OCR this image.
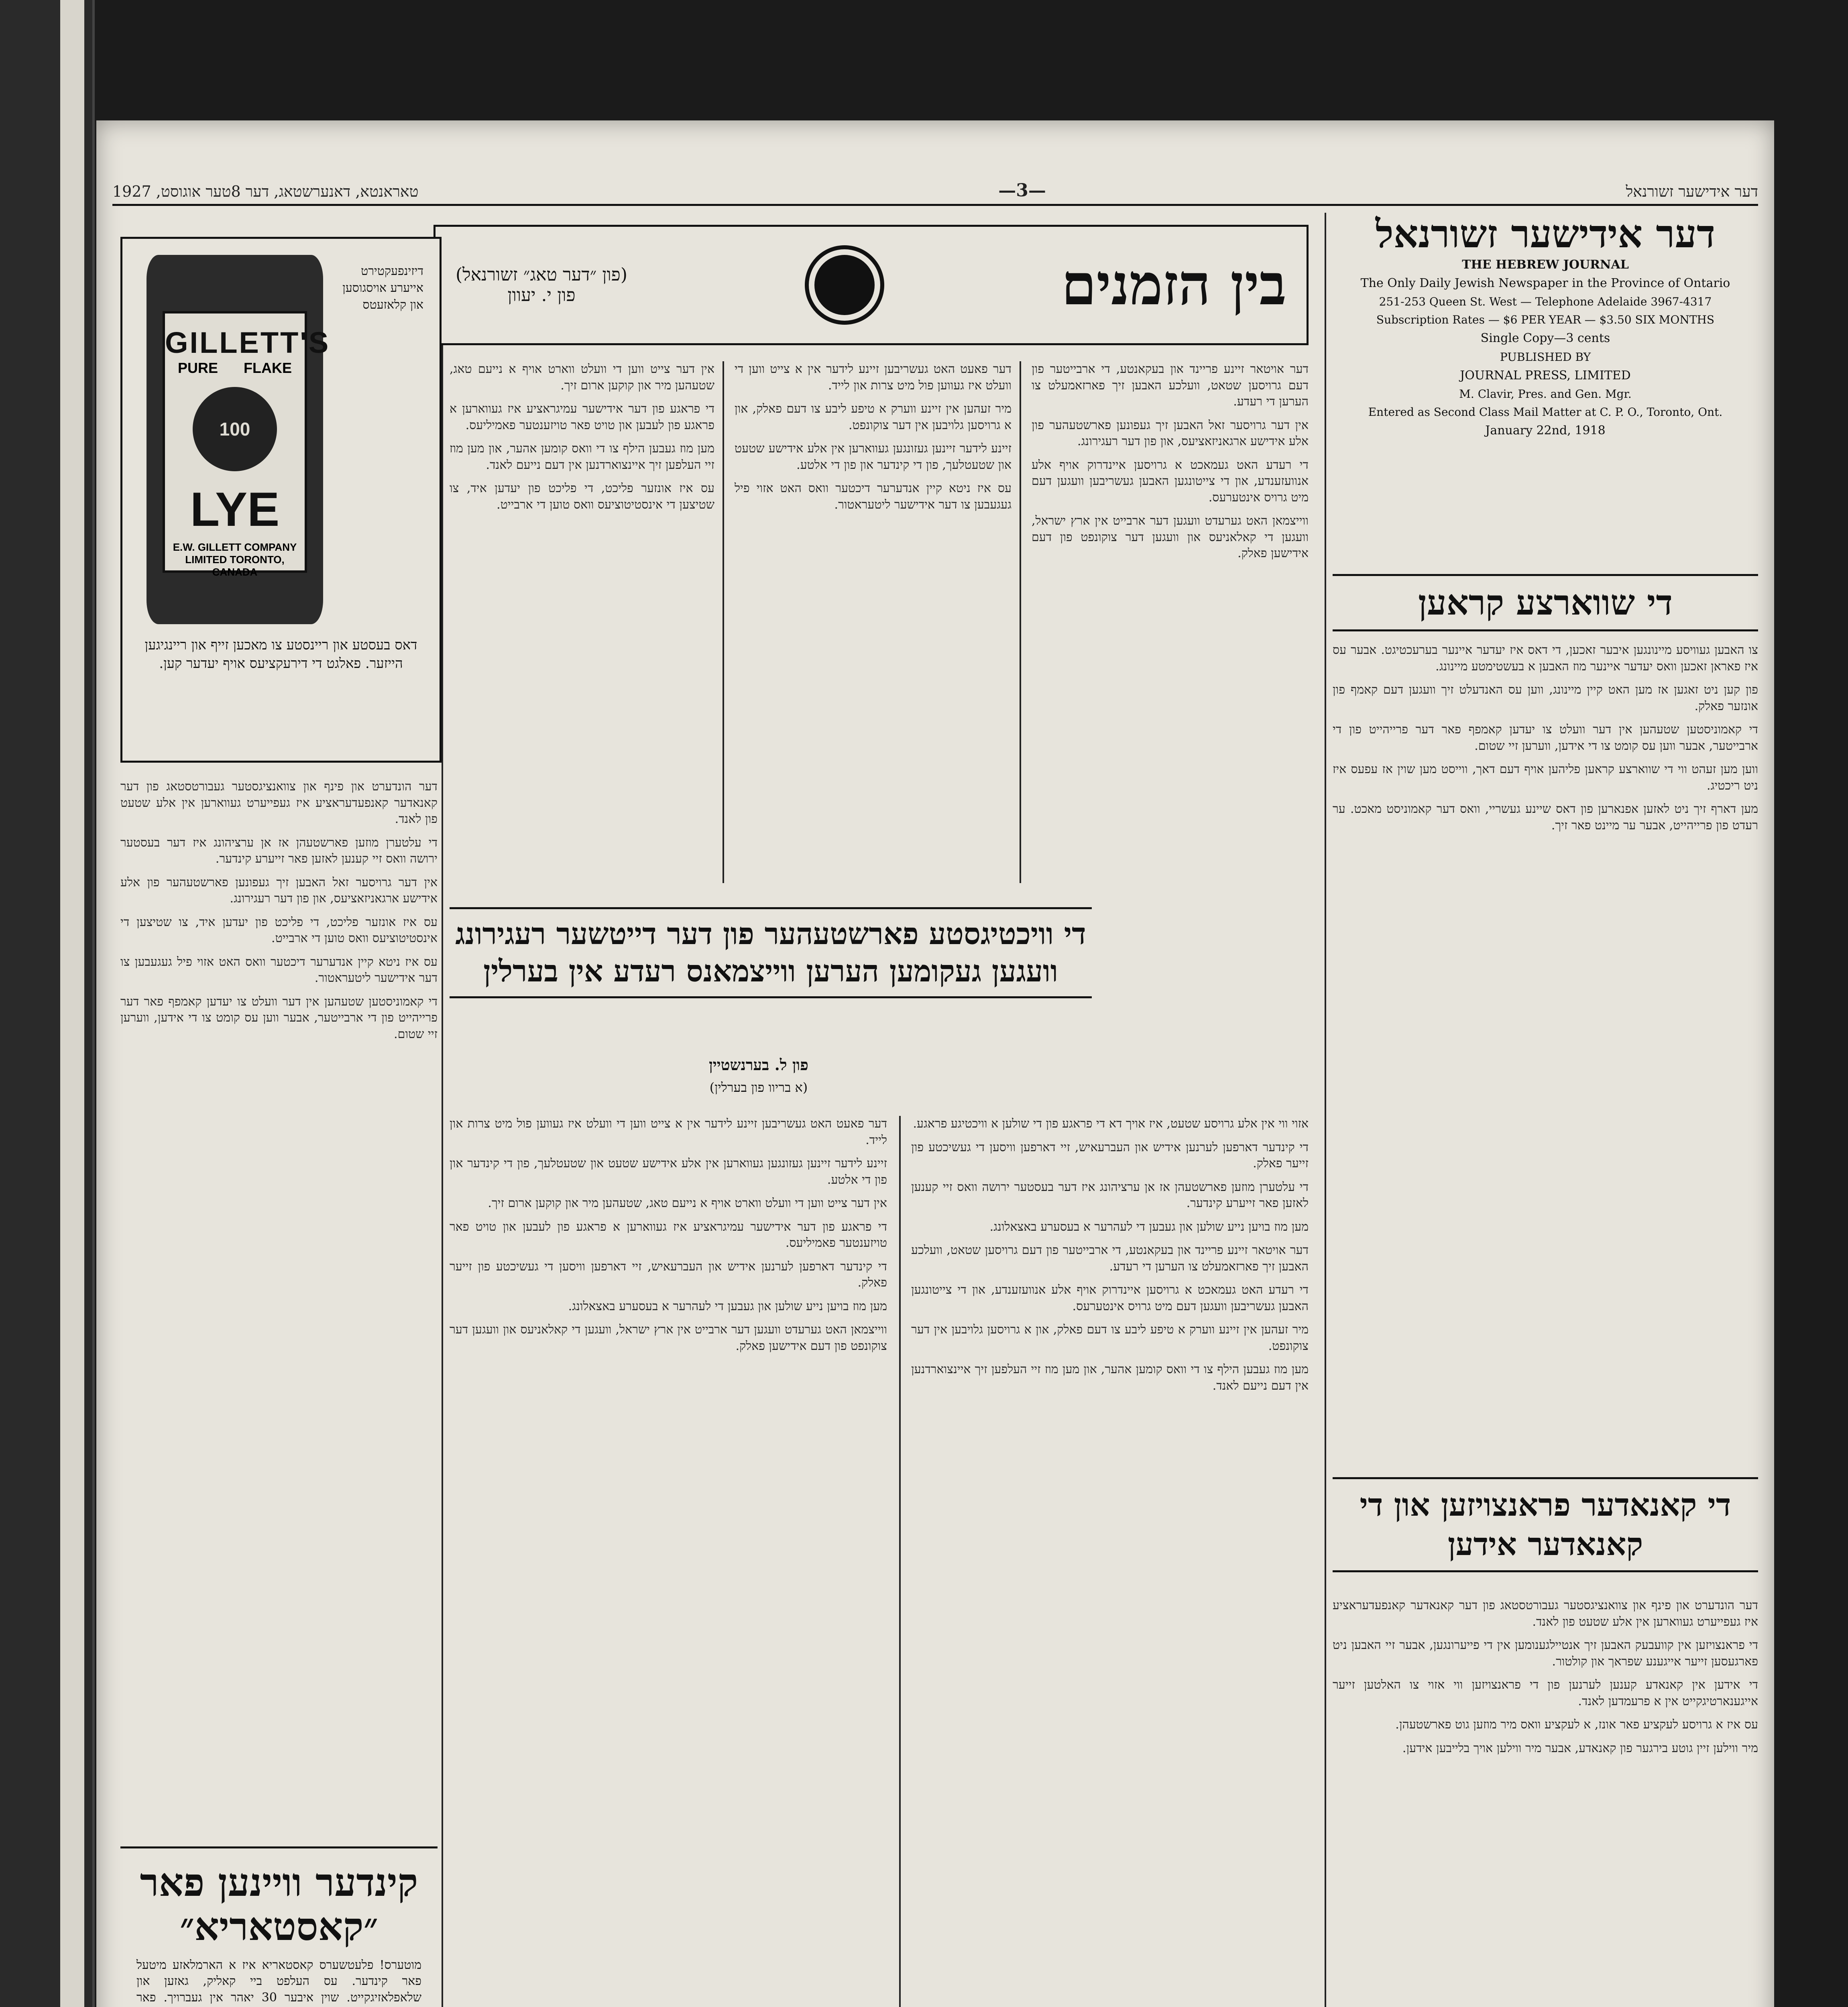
טאראנטא, דאנערשטאג, דער 8טער אוגוסט, 1927	—3—	דער אידישער זשורנאל
דער אידישער זשורנאל
THE HEBREW JOURNAL
The Only Daily Jewish Newspaper in the Province of Ontario
251-253 Queen St. West — Telephone Adelaide 3967-4317
Subscription Rates — $6 PER YEAR — $3.50 SIX MONTHS
Single Copy—3 cents
PUBLISHED BY
JOURNAL PRESS, LIMITED
M. Clavir, Pres. and Gen. Mgr.
Entered as Second Class Mail Matter at C. P. O., Toronto, Ont.
January 22nd, 1918
די שווארצע קראען

צו האבען געוויסע מיינונגען איבער זאכען, די דאס איז יעדער איינער בערעכטיגט. אבער עס איז פאראן זאכען וואס יעדער איינער מוז האבען א בעשטימטע מיינונג.

פון קען ניט זאגען אז מען האט קיין מיינונג, ווען עס האנדעלט זיך וועגען דעם קאמף פון אונזער פאלק.

די קאמוניסטען שטעהען אין דער וועלט צו יעדען קאמפף פאר דער פרייהייט פון די ארבייטער, אבער ווען עס קומט צו די אידען, ווערען זיי שטום.

ווען מען זעהט ווי די שווארצע קראען פליהען אויף דעם דאך, ווייסט מען שוין אז עפעס איז ניט ריכטיג.

מען דארף זיך ניט לאזען אפנארען פון דאס שיינע געשריי, וואס דער קאמוניסט מאכט. ער רעדט פון פרייהייט, אבער ער מיינט פאר זיך.

די קאנאדער פראנצויזען און די קאנאדער אידען

דער הונדערט און פינף און צוואנציגסטער געבורטסטאג פון דער קאנאדער קאנפעדעראציע איז געפייערט געווארען אין אלע שטעט פון לאנד.

די פראנצויזען אין קוועבעק האבען זיך אנטיילגענומען אין די פייערונגען, אבער זיי האבען ניט פארגעסען זייער אייגענע שפראך און קולטור.

די אידען אין קאנאדע קענען לערנען פון די פראנצויזען ווי אזוי צו האלטען זייער אייגענארטיגקייט אין א פרעמדען לאנד.

עס איז א גרויסע לעקציע פאר אונז, א לעקציע וואס מיר מוזען גוט פארשטעהן.

מיר ווילען זיין גוטע בירגער פון קאנאדע, אבער מיר ווילען אויך בלייבען אידען.

(פון ״דער טאג״ זשורנאל)
פון י. יעוון	בין הזמנים

דער אויטאר זיינע פריינד און בעקאנטע, די ארבייטער פון דעם גרויסען שטאט, וועלכע האבען זיך פארזאמעלט צו הערען די רעדע.

אין דער גרויסער זאל האבען זיך געפונען פארשטעהער פון אלע אידישע ארגאניזאציעס, און פון דער רעגירונג.

די רעדע האט געמאכט א גרויסען איינדרוק אויף אלע אנוועזענדע, און די צייטונגען האבען געשריבען וועגען דעם מיט גרויס אינטערעס.

ווייצמאן האט גערעדט וועגען דער ארבייט אין ארץ ישראל, וועגען די קאלאניעס און וועגען דער צוקונפט פון דעם אידישען פאלק.

דער פאעט האט געשריבען זיינע לידער אין א צייט ווען די וועלט איז געווען פול מיט צרות און לייד.

מיר זעהען אין זיינע ווערק א טיפע ליבע צו דעם פאלק, און א גרויסען גלויבען אין דער צוקונפט.

זיינע לידער זיינען געזונגען געווארען אין אלע אידישע שטעט און שטעטלעך, פון די קינדער און פון די אלטע.

עס איז ניטא קיין אנדערער דיכטער וואס האט אזוי פיל געגעבען צו דער אידישער ליטעראטור.

אין דער צייט ווען די וועלט ווארט אויף א נייעם טאג, שטעהען מיר און קוקען ארום זיך.

די פראגע פון דער אידישער עמיגראציע איז געווארען א פראגע פון לעבען און טויט פאר טויזענטער פאמיליעס.

מען מוז געבען הילף צו די וואס קומען אהער, און מען מוז זיי העלפען זיך איינצוארדנען אין דעם נייעם לאנד.

עס איז אונזער פליכט, די פליכט פון יעדען איד, צו שטיצען די אינסטיטוציעס וואס טוען די ארבייט.

די וויכטיגסטע פארשטעהער פון דער דייטשער רעגירונג וועגען געקומען הערען ווייצמאנס רעדע אין בערלין
פון ל. בערנשטיין
(א בריוו פון בערלין)

אזוי ווי אין אלע גרויסע שטעט, איז אויך דא די פראגע פון די שולען א וויכטיגע פראגע.

די קינדער דארפען לערנען אידיש און העברעאיש, זיי דארפען וויסען די געשיכטע פון זייער פאלק.

די עלטערן מוזען פארשטעהן אז אן ערציהונג איז דער בעסטער ירושה וואס זיי קענען לאזען פאר זייערע קינדער.

מען מוז בויען נייע שולען און געבען די לעהרער א בעסערע באצאלונג.

דער אויטאר זיינע פריינד און בעקאנטע, די ארבייטער פון דעם גרויסען שטאט, וועלכע האבען זיך פארזאמעלט צו הערען די רעדע.

די רעדע האט געמאכט א גרויסען איינדרוק אויף אלע אנוועזענדע, און די צייטונגען האבען געשריבען וועגען דעם מיט גרויס אינטערעס.

מיר זעהען אין זיינע ווערק א טיפע ליבע צו דעם פאלק, און א גרויסען גלויבען אין דער צוקונפט.

מען מוז געבען הילף צו די וואס קומען אהער, און מען מוז זיי העלפען זיך איינצוארדנען אין דעם נייעם לאנד.

דער פאעט האט געשריבען זיינע לידער אין א צייט ווען די וועלט איז געווען פול מיט צרות און לייד.

זיינע לידער זיינען געזונגען געווארען אין אלע אידישע שטעט און שטעטלעך, פון די קינדער און פון די אלטע.

אין דער צייט ווען די וועלט ווארט אויף א נייעם טאג, שטעהען מיר און קוקען ארום זיך.

די פראגע פון דער אידישער עמיגראציע איז געווארען א פראגע פון לעבען און טויט פאר טויזענטער פאמיליעס.

די קינדער דארפען לערנען אידיש און העברעאיש, זיי דארפען וויסען די געשיכטע פון זייער פאלק.

מען מוז בויען נייע שולען און געבען די לעהרער א בעסערע באצאלונג.

ווייצמאן האט גערעדט וועגען דער ארבייט אין ארץ ישראל, וועגען די קאלאניעס און וועגען דער צוקונפט פון דעם אידישען פאלק.

GILLETT'S
PURE FLAKE
100
LYE
E.W. GILLETT COMPANY LIMITED TORONTO, CANADA
דיזינפעקטירט אייערע אויסגוסען און קלאזעטס
דאס בעסטע און ריינסטע צו מאכען זייף און ריינגיגען הייזער. פאלגט די דירעקציעס אויף יעדער קען.

דער הונדערט און פינף און צוואנציגסטער געבורטסטאג פון דער קאנאדער קאנפעדעראציע איז געפייערט געווארען אין אלע שטעט פון לאנד.

די עלטערן מוזען פארשטעהן אז אן ערציהונג איז דער בעסטער ירושה וואס זיי קענען לאזען פאר זייערע קינדער.

אין דער גרויסער זאל האבען זיך געפונען פארשטעהער פון אלע אידישע ארגאניזאציעס, און פון דער רעגירונג.

עס איז אונזער פליכט, די פליכט פון יעדען איד, צו שטיצען די אינסטיטוציעס וואס טוען די ארבייט.

עס איז ניטא קיין אנדערער דיכטער וואס האט אזוי פיל געגעבען צו דער אידישער ליטעראטור.

די קאמוניסטען שטעהען אין דער וועלט צו יעדען קאמפף פאר דער פרייהייט פון די ארבייטער, אבער ווען עס קומט צו די אידען, ווערען זיי שטום.

קינדער וויינען פאר ״קאסטאריא״
מוטערס! פלעטשערס קאסטאריא איז א הארמלאזע מיטעל פאר קינדער. עס העלפט ביי קאליק, גאזען און שלאפלאזיגקייט. שוין איבער 30 יאהר אין געברויך. פאר
